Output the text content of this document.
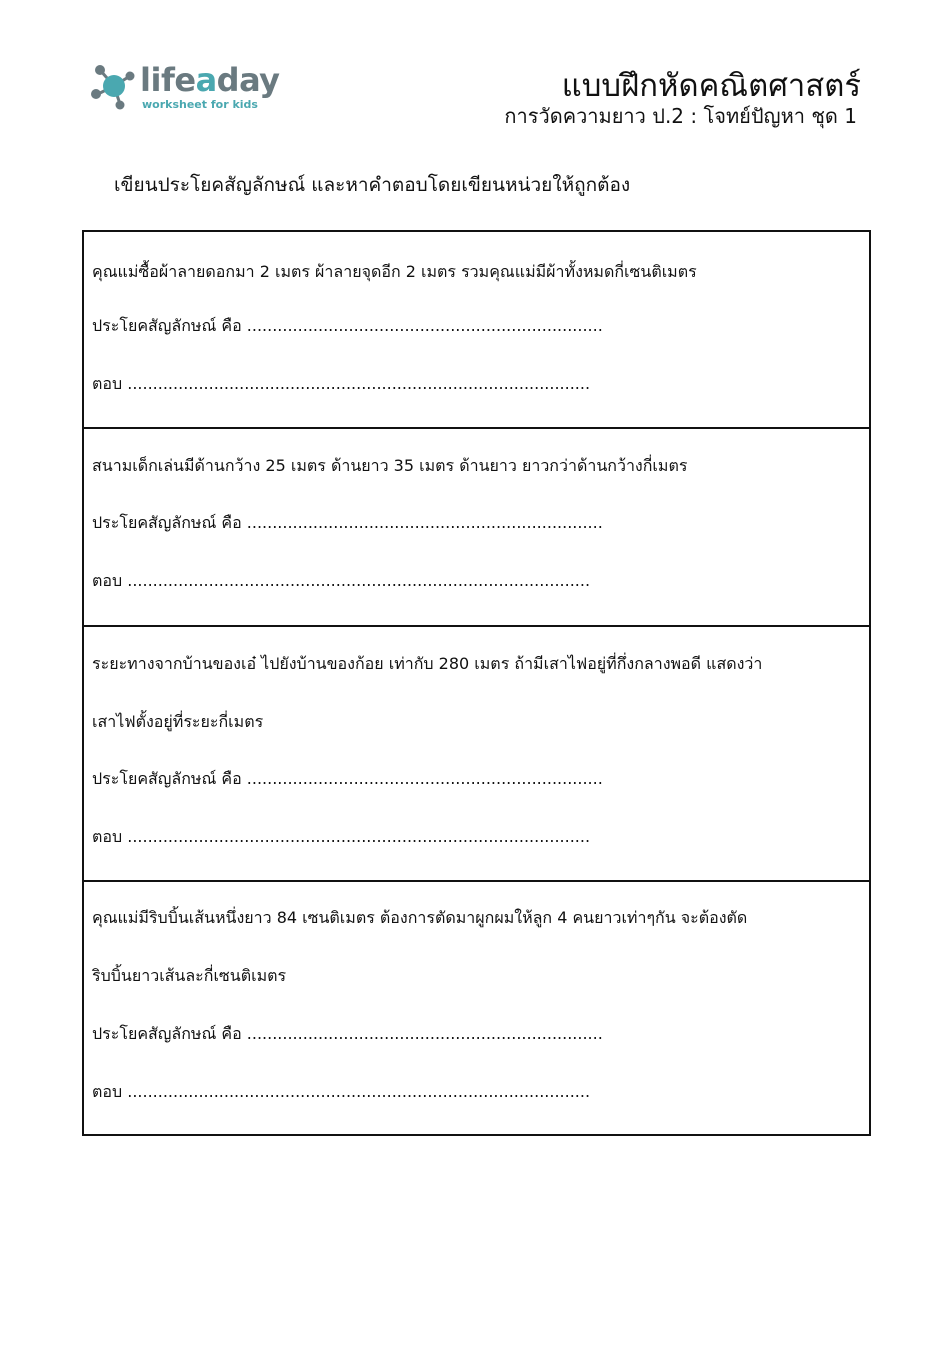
lifeaday
worksheet for kids
แบบฝึกหัดคณิตศาสตร์
การวัดความยาว ป.2 : โจทย์ปัญหา ชุด 1
เขียนประโยคสัญลักษณ์ และหาคำตอบโดยเขียนหน่วยให้ถูกต้อง
คุณแม่ซื้อผ้าลายดอกมา 2 เมตร ผ้าลายจุดอีก 2 เมตร รวมคุณแม่มีผ้าทั้งหมดกี่เซนติเมตร
ประโยคสัญลักษณ์ คือ ......................................................................
ตอบ ...........................................................................................
สนามเด็กเล่นมีด้านกว้าง 25 เมตร ด้านยาว 35 เมตร ด้านยาว ยาวกว่าด้านกว้างกี่เมตร
ประโยคสัญลักษณ์ คือ ......................................................................
ตอบ ...........................................................................................
ระยะทางจากบ้านของเอ๋ ไปยังบ้านของก้อย เท่ากับ 280 เมตร ถ้ามีเสาไฟอยู่ที่กึ่งกลางพอดี แสดงว่า
เสาไฟตั้งอยู่ที่ระยะกี่เมตร
ประโยคสัญลักษณ์ คือ ......................................................................
ตอบ ...........................................................................................
คุณแม่มีริบบิ้นเส้นหนึ่งยาว 84 เซนติเมตร ต้องการตัดมาผูกผมให้ลูก 4 คนยาวเท่าๆกัน จะต้องตัด
ริบบิ้นยาวเส้นละกี่เซนติเมตร
ประโยคสัญลักษณ์ คือ ......................................................................
ตอบ ...........................................................................................
